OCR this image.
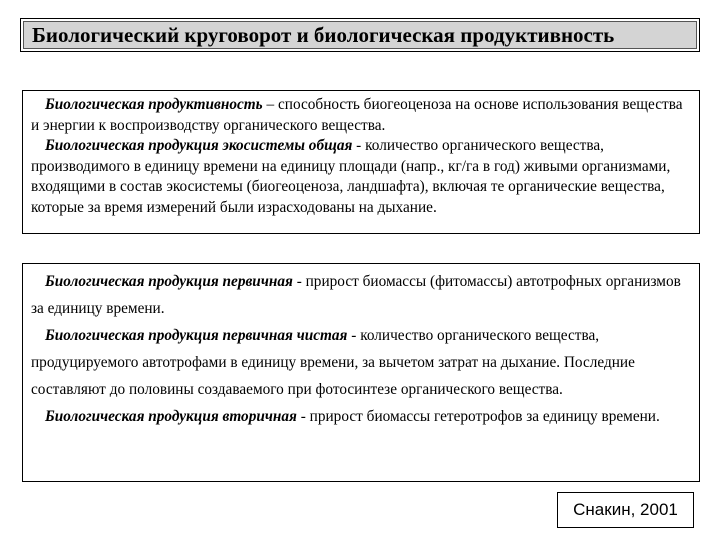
Биологический круговорот и биологическая продуктивность

Биологическая продуктивность – способность биогеоценоза на основе использования вещества и энергии к воспроизводству органического вещества.

Биологическая продукция экосистемы общая - количество органического вещества, производимого в единицу времени на единицу площади (напр., кг/га в год) живыми организмами, входящими в состав экосистемы (биогеоценоза, ландшафта), включая те органические вещества, которые за время измерений были израсходованы на дыхание.

Биологическая продукция первичная - прирост биомассы (фитомассы) автотрофных организмов за единицу времени.

Биологическая продукция первичная чистая - количество органического вещества, продуцируемого автотрофами в единицу времени, за вычетом затрат на дыхание. Последние составляют до половины создаваемого при фотосинтезе органического вещества.

Биологическая продукция вторичная - прирост биомассы гетеротрофов за единицу времени.

Снакин, 2001
